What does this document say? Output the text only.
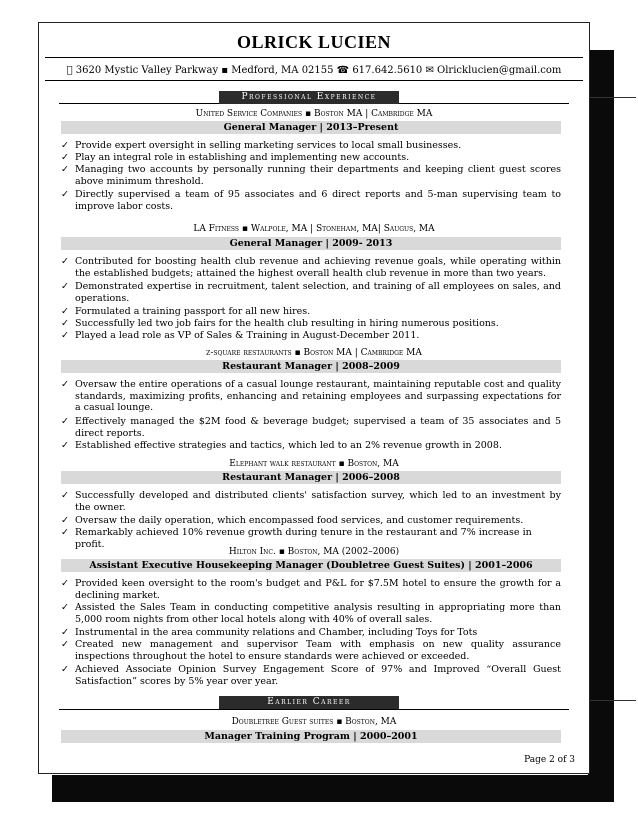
OLRICK LUCIEN
3620 Mystic Valley Parkway ▪ Medford, MA 02155 ☎ 617.642.5610 ✉ Olricklucien@gmail.com
Professional Experience
United Service Companies ▪ Boston MA | Cambridge MA
General Manager | 2013–Present
✓ Provide expert oversight in selling marketing services to local small businesses.
✓ Play an integral role in establishing and implementing new accounts.
✓ Managing two accounts by personally running their departments and keeping client guest scores above minimum threshold.
✓ Directly supervised a team of 95 associates and 6 direct reports and 5-man supervising team to improve labor costs.
LA Fitness ▪ Walpole, MA | Stoneham, MA| Saugus, MA
General Manager | 2009- 2013
✓ Contributed for boosting health club revenue and achieving revenue goals, while operating within the established budgets; attained the highest overall health club revenue in more than two years.
✓ Demonstrated expertise in recruitment, talent selection, and training of all employees on sales, and operations.
✓ Formulated a training passport for all new hires.
✓ Successfully led two job fairs for the health club resulting in hiring numerous positions.
✓ Played a lead role as VP of Sales & Training in August-December 2011.
z-square restaurants ▪ Boston MA | Cambridge MA
Restaurant Manager | 2008–2009
✓ Oversaw the entire operations of a casual lounge restaurant, maintaining reputable cost and quality standards, maximizing profits, enhancing and retaining employees and surpassing expectations for a casual lounge.
✓ Effectively managed the $2M food & beverage budget; supervised a team of 35 associates and 5 direct reports.
✓ Established effective strategies and tactics, which led to an 2% revenue growth in 2008.
Elephant walk restaurant ▪ Boston, MA
Restaurant Manager | 2006–2008
✓ Successfully developed and distributed clients' satisfaction survey, which led to an investment by the owner.
✓ Oversaw the daily operation, which encompassed food services, and customer requirements.
✓ Remarkably achieved 10% revenue growth during tenure in the restaurant and 7% increase in profit.
Hilton Inc. ▪ Boston, MA (2002–2006)
Assistant Executive Housekeeping Manager (Doubletree Guest Suites) | 2001–2006
✓ Provided keen oversight to the room's budget and P&L for $7.5M hotel to ensure the growth for a declining market.
✓ Assisted the Sales Team in conducting competitive analysis resulting in appropriating more than 5,000 room nights from other local hotels along with 40% of overall sales.
✓ Instrumental in the area community relations and Chamber, including Toys for Tots
✓ Created new management and supervisor Team with emphasis on new quality assurance inspections throughout the hotel to ensure standards were achieved or exceeded.
✓ Achieved Associate Opinion Survey Engagement Score of 97% and Improved “Overall Guest Satisfaction” scores by 5% year over year.
Earlier Career
Doubletree Guest suites ▪ Boston, MA
Manager Training Program | 2000–2001
Page 2 of 3
